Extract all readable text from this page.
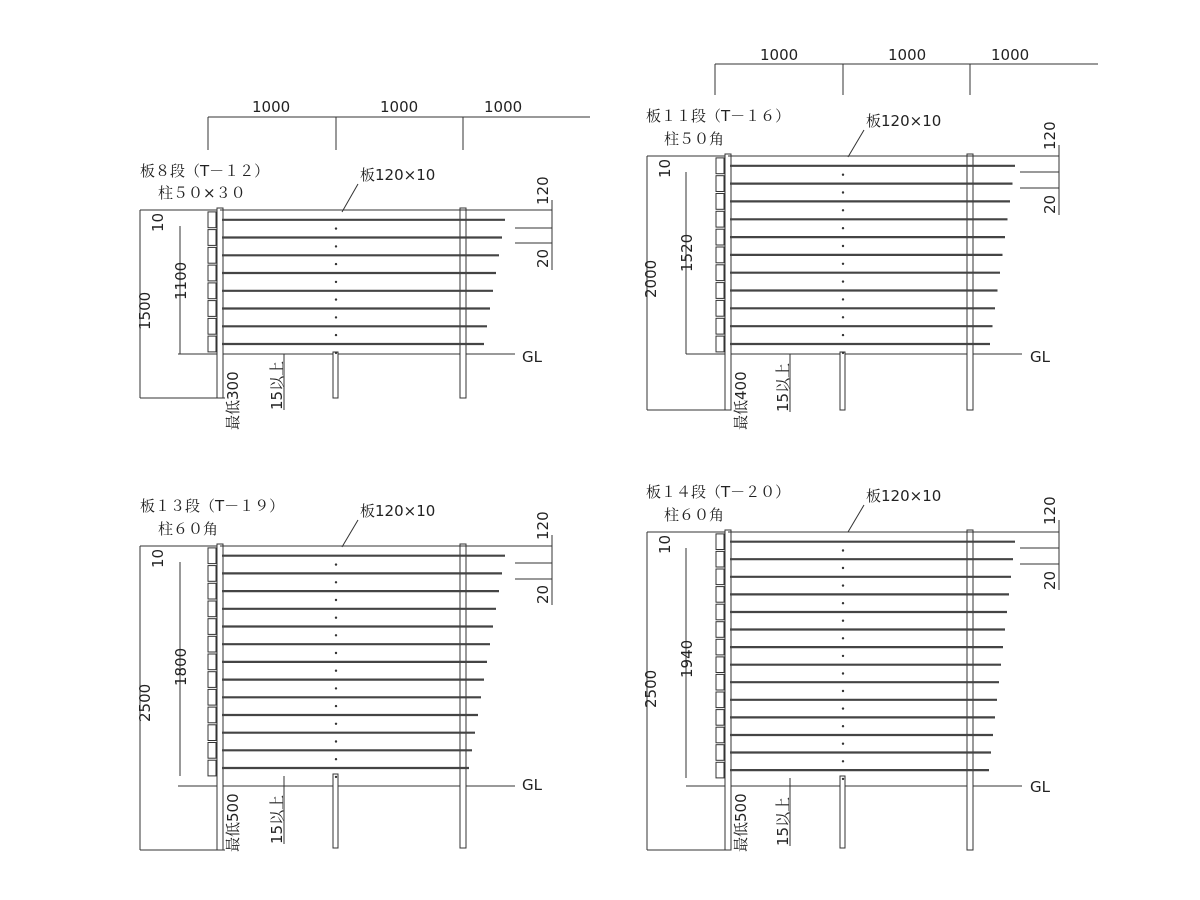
1000	1000	1000
板８段（T－１２）
柱５０×３０
板120×10
1500
1100
10
120
20
GL
最低300 15以上
1000	1000	1000
板１１段（T－１６）
柱５０角
板120×10
2000
1520
10
120
20
GL
最低400 15以上
板１３段（T－１９）
柱６０角
板120×10
2500
1800
10
120
20
GL
最低500 15以上
板１４段（T－２０）
柱６０角
板120×10
2500
1940
10
120
20
GL
最低500 15以上
